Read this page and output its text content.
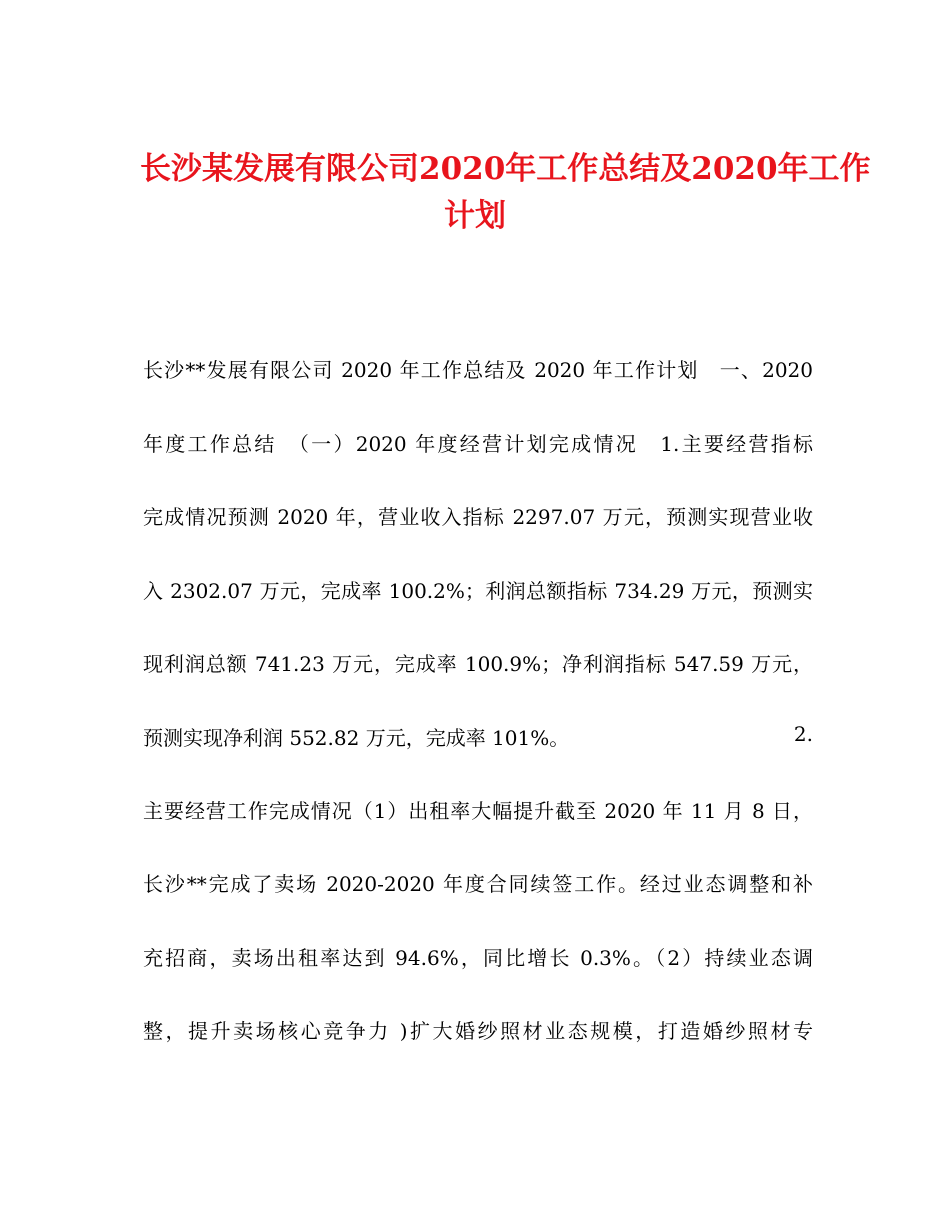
长沙某发展有限公司2020年工作总结及2020年工作
计划

长沙**发展有限公司 2020 年工作总结及 2020 年工作计划　一、2020

年度工作总结　（一）2020 年度经营计划完成情况　1.主要经营指标

完成情况预测 2020 年，营业收入指标 2297.07 万元，预测实现营业收

入 2302.07 万元，完成率 100.2%；利润总额指标 734.29 万元，预测实

现利润总额 741.23 万元，完成率 100.9%；净利润指标 547.59 万元，

预测实现净利润 552.82 万元，完成率 101%。	2.

主要经营工作完成情况（1）出租率大幅提升截至 2020 年 11 月 8 日，

长沙**完成了卖场 2020-2020 年度合同续签工作。经过业态调整和补

充招商，卖场出租率达到 94.6%，同比增长 0.3%。（2）持续业态调

整，提升卖场核心竞争力 )扩大婚纱照材业态规模，打造婚纱照材专
